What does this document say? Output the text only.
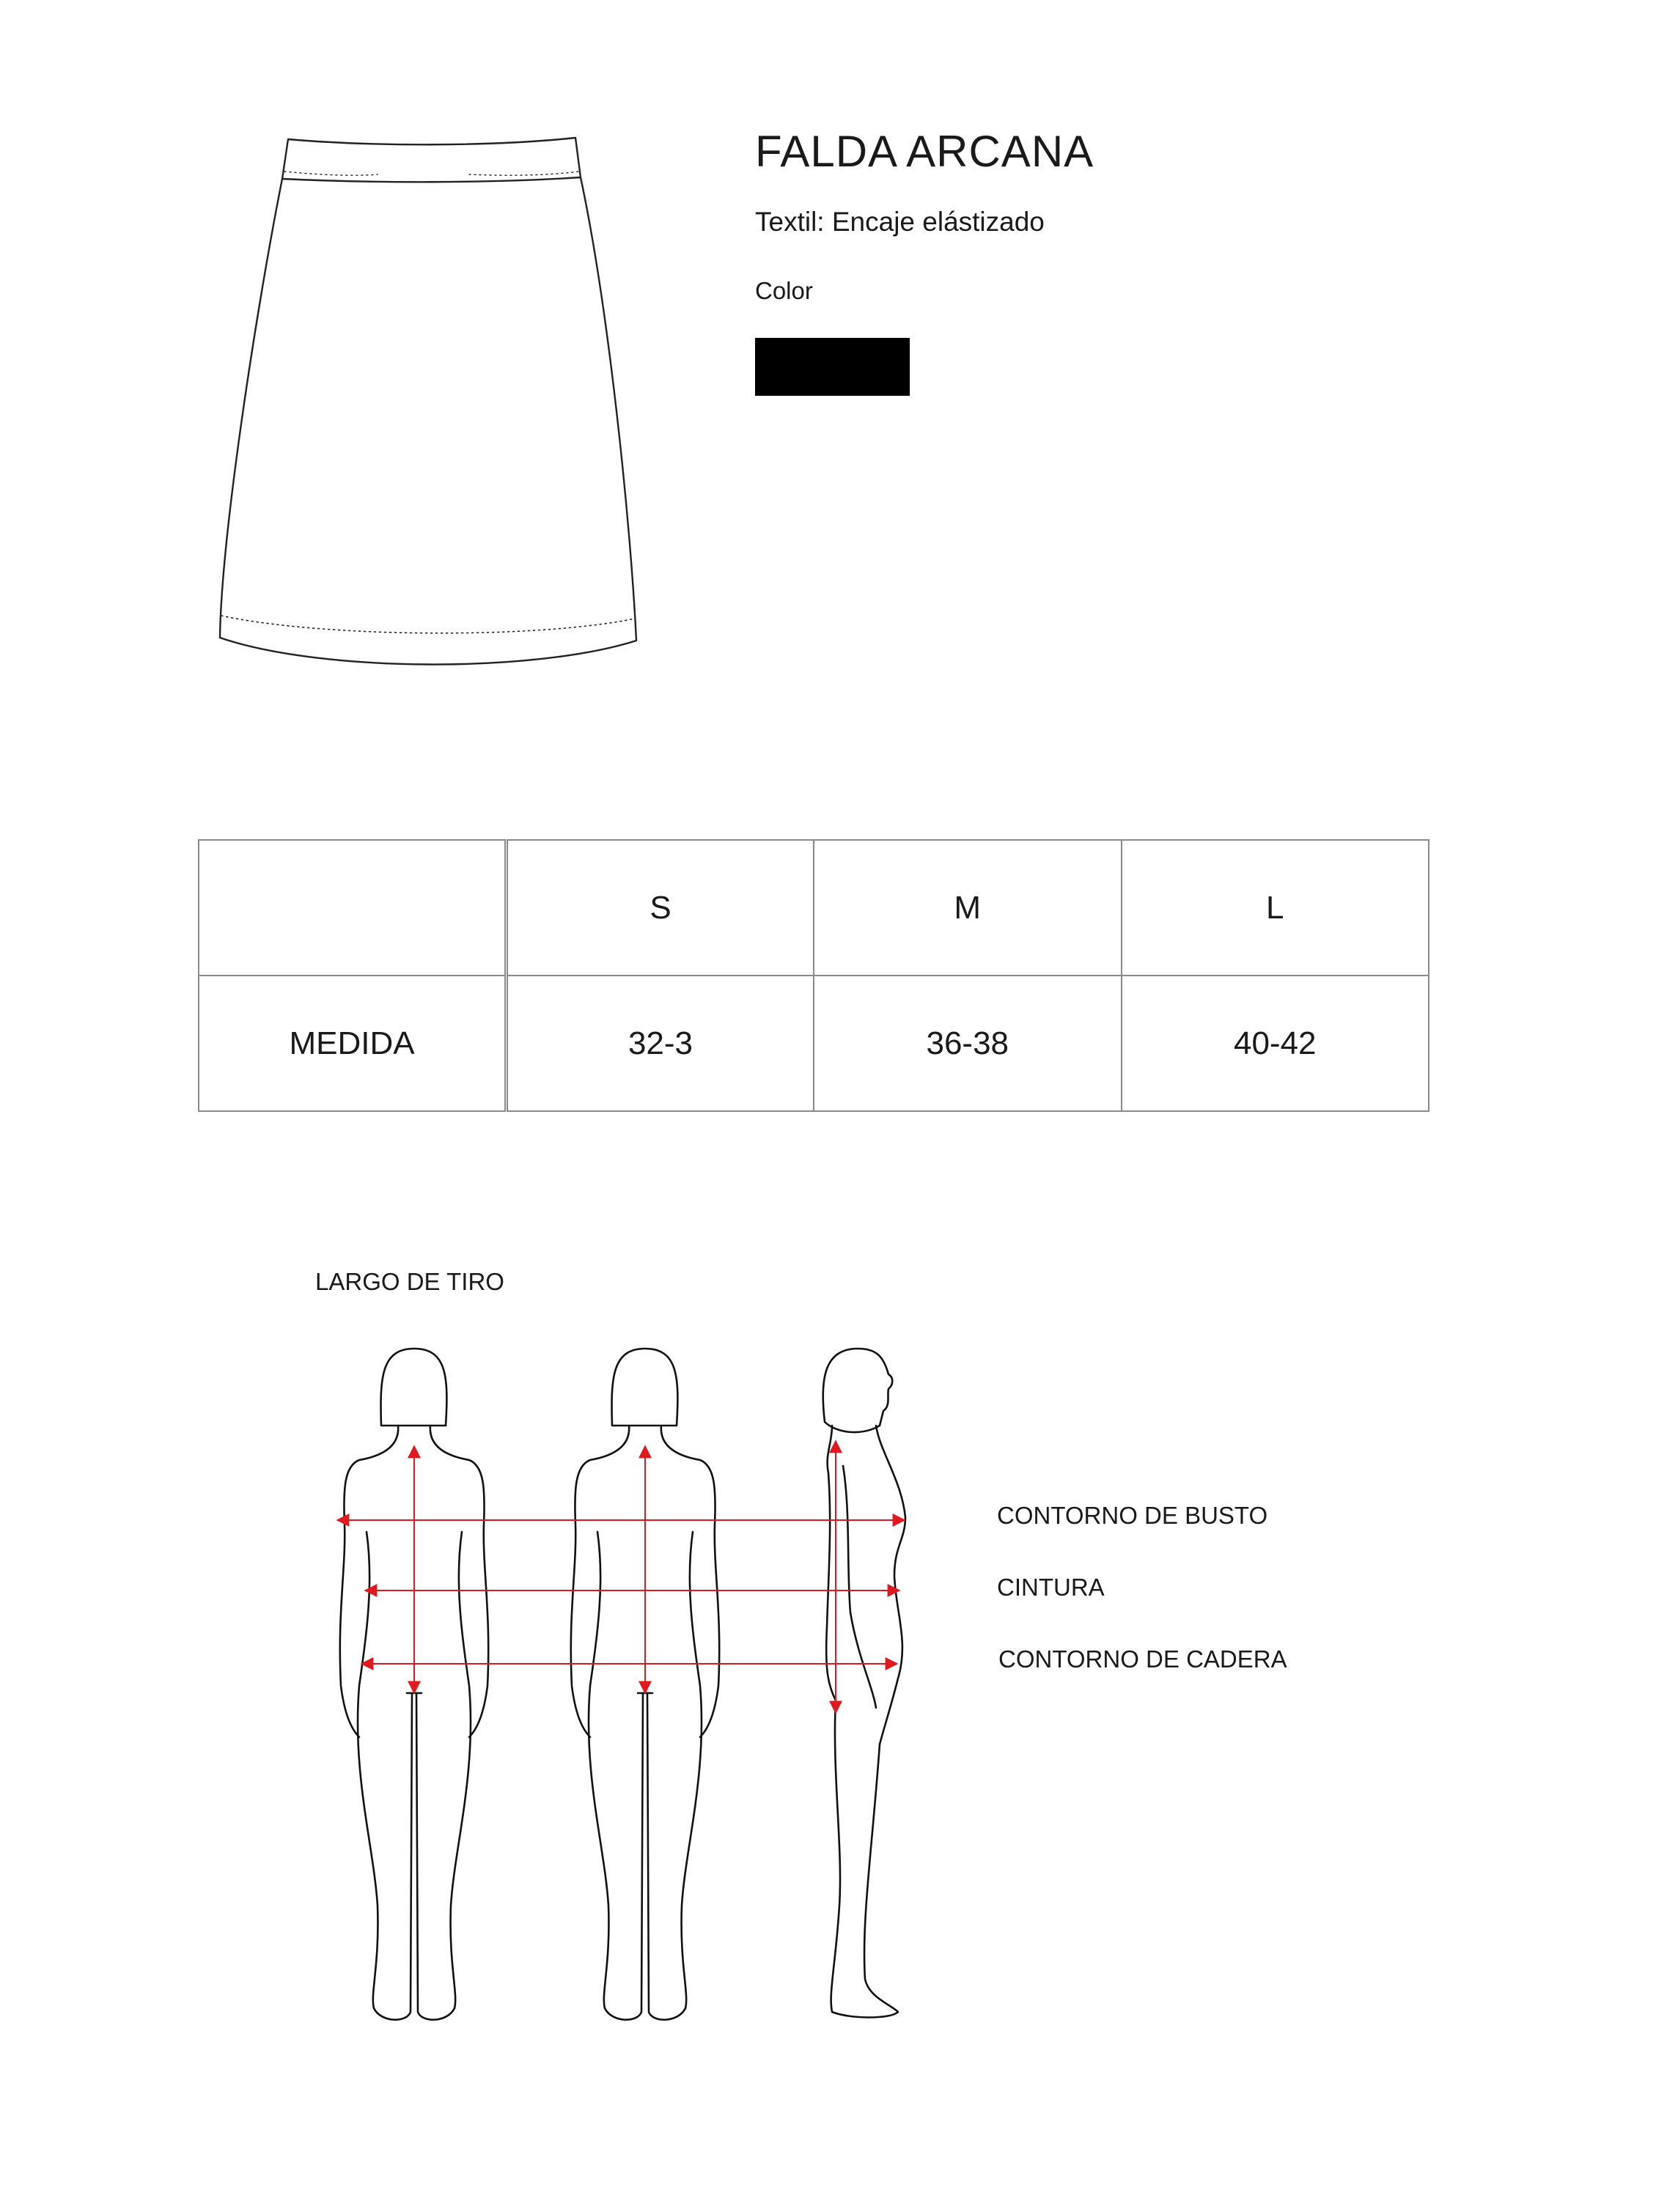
FALDA ARCANA
Textil: Encaje elástizado
Color
	S	M	L
MEDIDA	32-3	36-38	40-42
LARGO DE TIRO
CONTORNO DE BUSTO
CINTURA
CONTORNO DE CADERA
